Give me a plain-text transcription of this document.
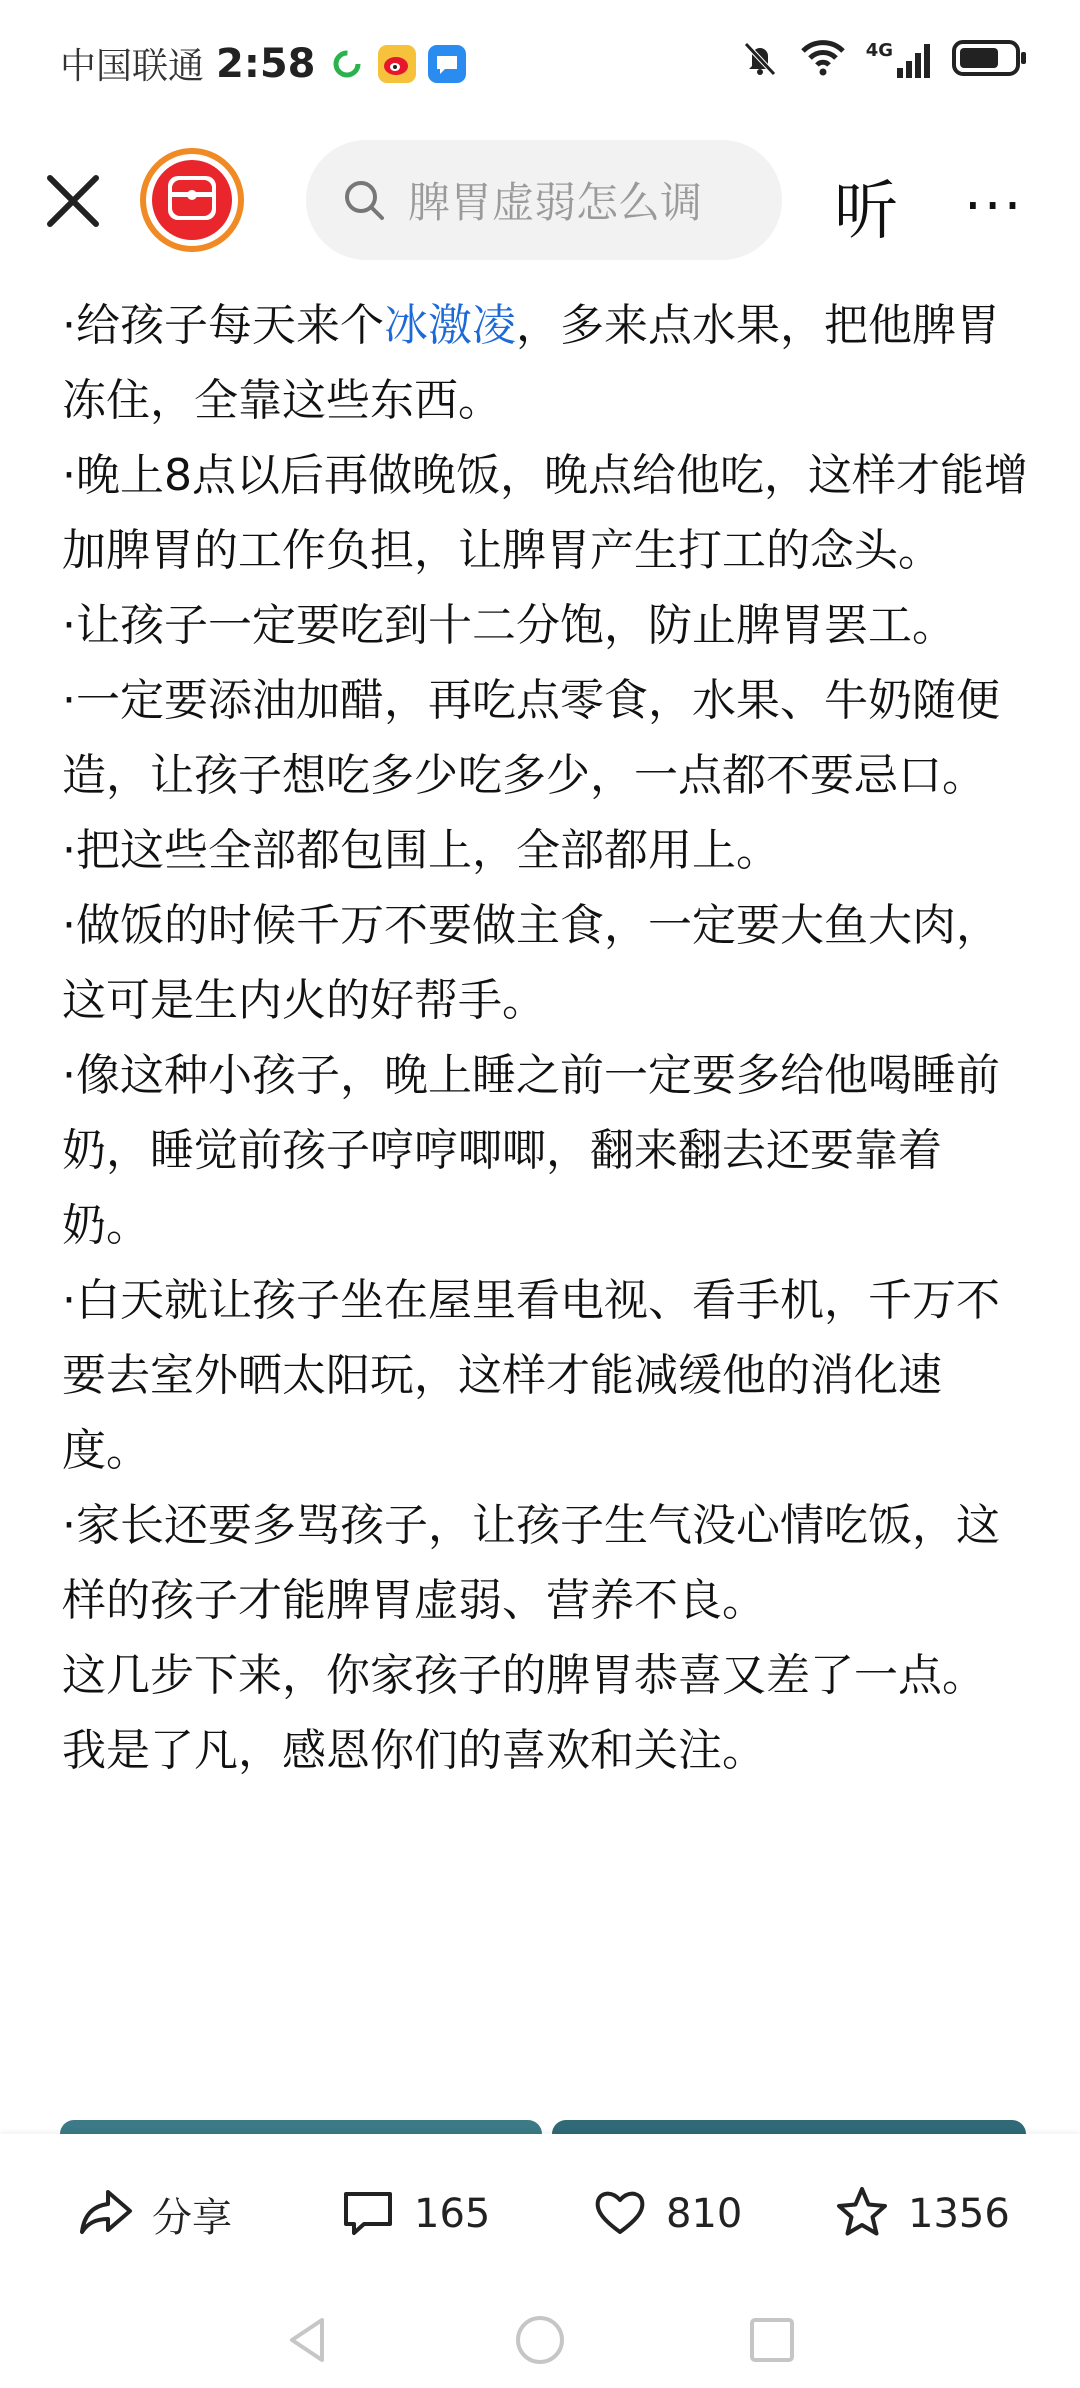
中国联通 2:58	4G
脾胃虚弱怎么调 听 ···

·给孩子每天来个冰激凌，多来点水果，把他脾胃冻住，全靠这些东西。

·晚上8点以后再做晚饭，晚点给他吃，这样才能增加脾胃的工作负担，让脾胃产生打工的念头。

·让孩子一定要吃到十二分饱，防止脾胃罢工。

·一定要添油加醋，再吃点零食，水果、牛奶随便造，让孩子想吃多少吃多少，一点都不要忌口。

·把这些全部都包围上，全部都用上。

·做饭的时候千万不要做主食，一定要大鱼大肉，这可是生内火的好帮手。

·像这种小孩子，晚上睡之前一定要多给他喝睡前奶，睡觉前孩子哼哼唧唧，翻来翻去还要靠着奶。

·白天就让孩子坐在屋里看电视、看手机，千万不要去室外晒太阳玩，这样才能减缓他的消化速度。

·家长还要多骂孩子，让孩子生气没心情吃饭，这样的孩子才能脾胃虚弱、营养不良。

这几步下来，你家孩子的脾胃恭喜又差了一点。

我是了凡，感恩你们的喜欢和关注。

分享	165	810	1356
